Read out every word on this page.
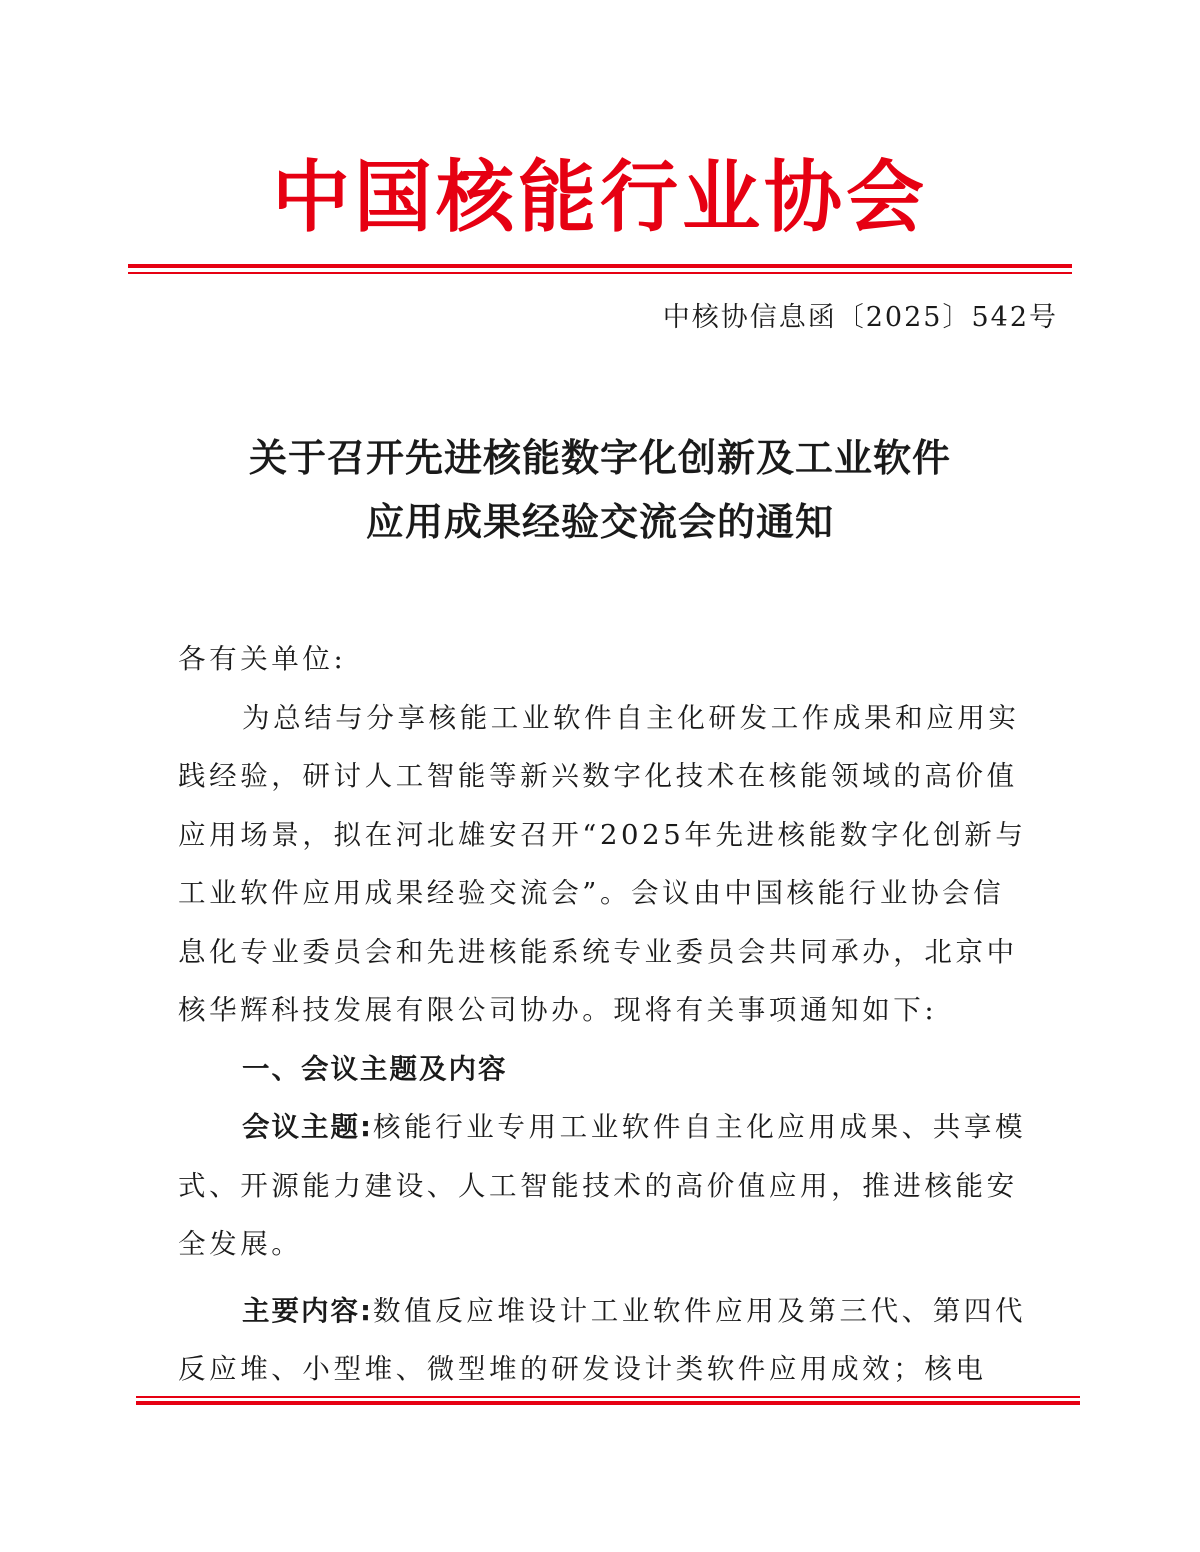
中国核能行业协会
中核协信息函〔2025〕542号
关于召开先进核能数字化创新及工业软件
应用成果经验交流会的通知

各有关单位:

为总结与分享核能工业软件自主化研发工作成果和应用实践经验，研讨人工智能等新兴数字化技术在核能领域的高价值应用场景，拟在河北雄安召开“2025年先进核能数字化创新与工业软件应用成果经验交流会”。会议由中国核能行业协会信息化专业委员会和先进核能系统专业委员会共同承办，北京中核华辉科技发展有限公司协办。现将有关事项通知如下:

一、会议主题及内容

会议主题:核能行业专用工业软件自主化应用成果、共享模式、开源能力建设、人工智能技术的高价值应用，推进核能安全发展。

主要内容:数值反应堆设计工业软件应用及第三代、第四代反应堆、小型堆、微型堆的研发设计类软件应用成效；核电
